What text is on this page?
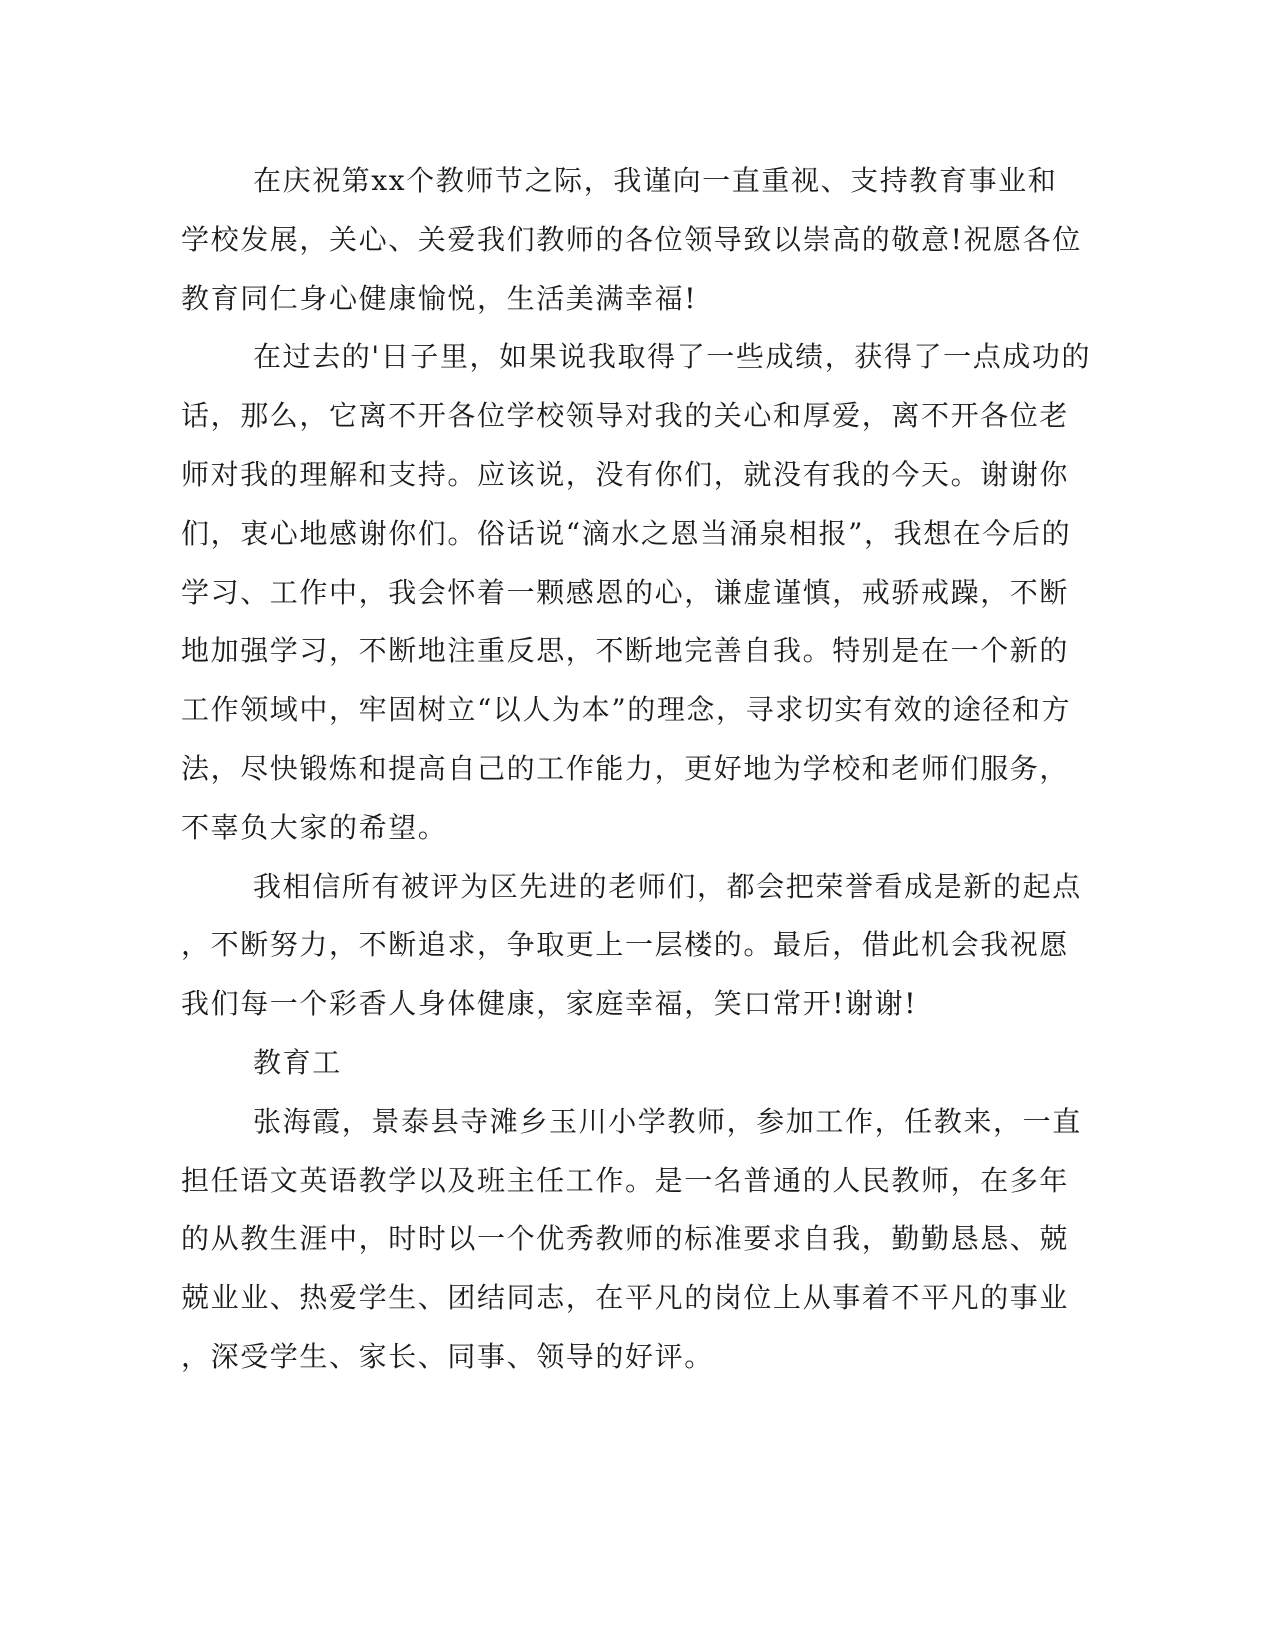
在庆祝第xx个教师节之际，我谨向一直重视、支持教育事业和
学校发展，关心、关爱我们教师的各位领导致以崇高的敬意!祝愿各位
教育同仁身心健康愉悦，生活美满幸福!

在过去的'日子里，如果说我取得了一些成绩，获得了一点成功的
话，那么，它离不开各位学校领导对我的关心和厚爱，离不开各位老
师对我的理解和支持。应该说，没有你们，就没有我的今天。谢谢你
们，衷心地感谢你们。俗话说“滴水之恩当涌泉相报”，我想在今后的
学习、工作中，我会怀着一颗感恩的心，谦虚谨慎，戒骄戒躁，不断
地加强学习，不断地注重反思，不断地完善自我。特别是在一个新的
工作领域中，牢固树立“以人为本”的理念，寻求切实有效的途径和方
法，尽快锻炼和提高自己的工作能力，更好地为学校和老师们服务，
不辜负大家的希望。

我相信所有被评为区先进的老师们，都会把荣誉看成是新的起点
，不断努力，不断追求，争取更上一层楼的。最后，借此机会我祝愿
我们每一个彩香人身体健康，家庭幸福，笑口常开!谢谢!

教育工

张海霞，景泰县寺滩乡玉川小学教师，参加工作，任教来，一直
担任语文英语教学以及班主任工作。是一名普通的人民教师，在多年
的从教生涯中，时时以一个优秀教师的标准要求自我，勤勤恳恳、兢
兢业业、热爱学生、团结同志，在平凡的岗位上从事着不平凡的事业
，深受学生、家长、同事、领导的好评。
